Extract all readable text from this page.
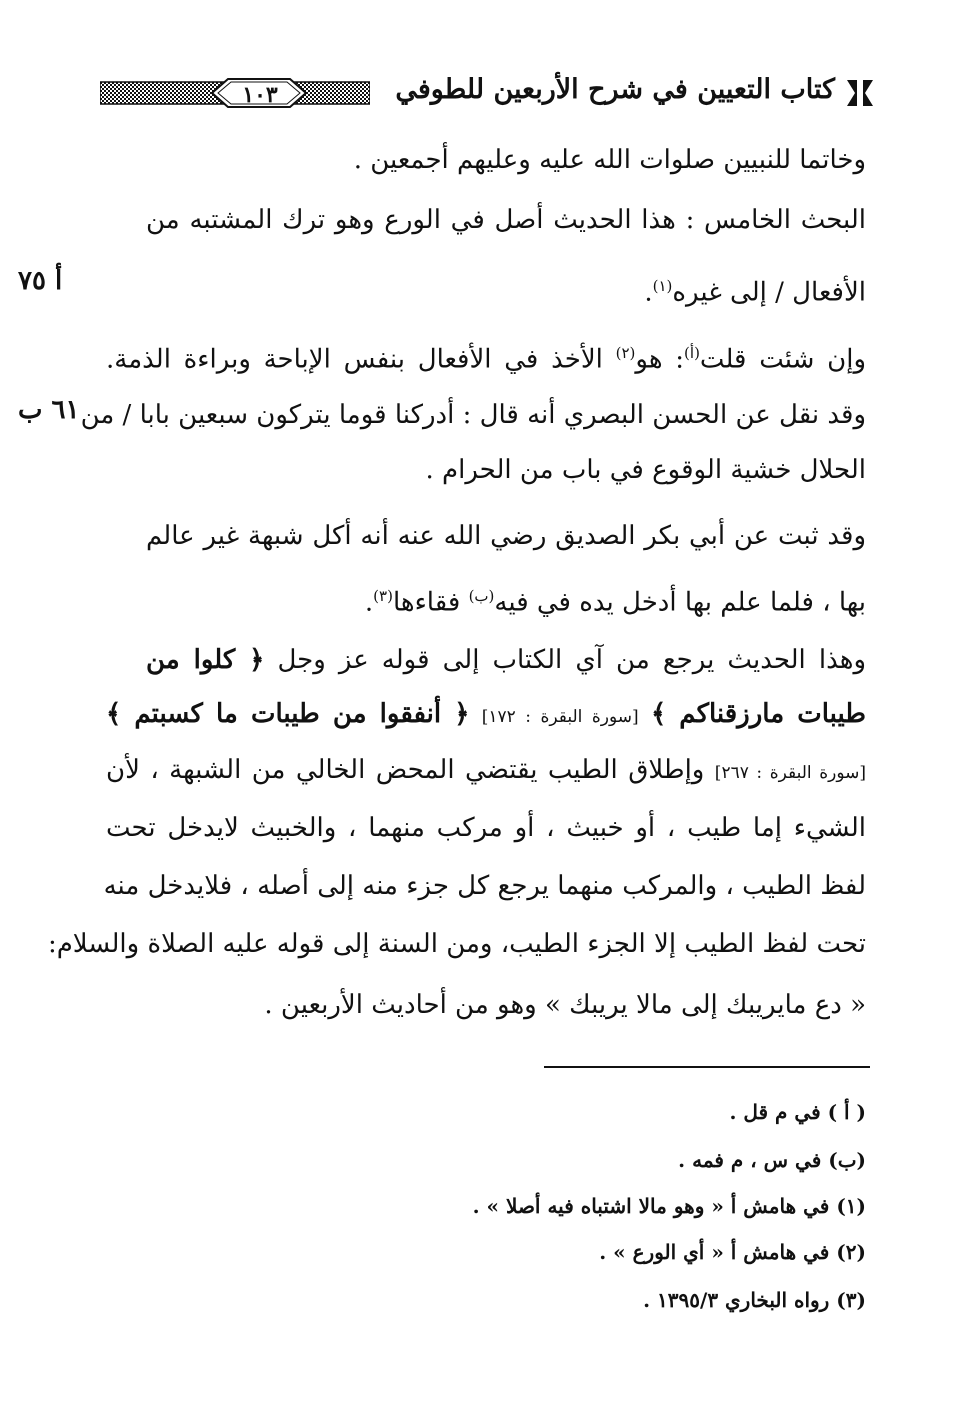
١٠٣	كتاب التعيين في شرح الأربعين للطوفي
أ ٧٥
٦١ ب
وخاتما للنبيين صلوات الله عليه وعليهم أجمعين .
البحث الخامس : هذا الحديث أصل في الورع وهو ترك المشتبه من
الأفعال / إلى غيره$^{(١)}$.
وإن شئت قلت$^{(أ)}$: هو$^{(٢)}$ الأخذ في الأفعال بنفس الإباحة وبراءة الذمة.
وقد نقل عن الحسن البصري أنه قال : أدركنا قوما يتركون سبعين بابا / من
الحلال خشية الوقوع في باب من الحرام .
وقد ثبت عن أبي بكر الصديق رضي الله عنه أنه أكل شبهة غير عالم
بها ، فلما علم بها أدخل يده في فيه$^{(ب)}$ فقاءها$^{(٣)}$.
وهذا الحديث يرجع من آي الكتاب إلى قوله عز وجل ﴿ كلوا من
طيبات مارزقناكم ﴾ [سورة البقرة : ١٧٢] ﴿ أنفقوا من طيبات ما كسبتم ﴾
[سورة البقرة : ٢٦٧] وإطلاق الطيب يقتضي المحض الخالي من الشبهة ، لأن
الشيء إما طيب ، أو خبيث ، أو مركب منهما ، والخبيث لايدخل تحت
لفظ الطيب ، والمركب منهما يرجع كل جزء منه إلى أصله ، فلايدخل منه
تحت لفظ الطيب إلا الجزء الطيب، ومن السنة إلى قوله عليه الصلاة والسلام:
« دع مايريبك إلى مالا يريبك » وهو من أحاديث الأربعين .
( أ ) في م قل .
(ب) في س ، م فمه .
(١) في هامش أ « وهو مالا اشتباه فيه أصلا » .
(٢) في هامش أ « أي الورع » .
(٣) رواه البخاري ١٣٩٥/٣ .
